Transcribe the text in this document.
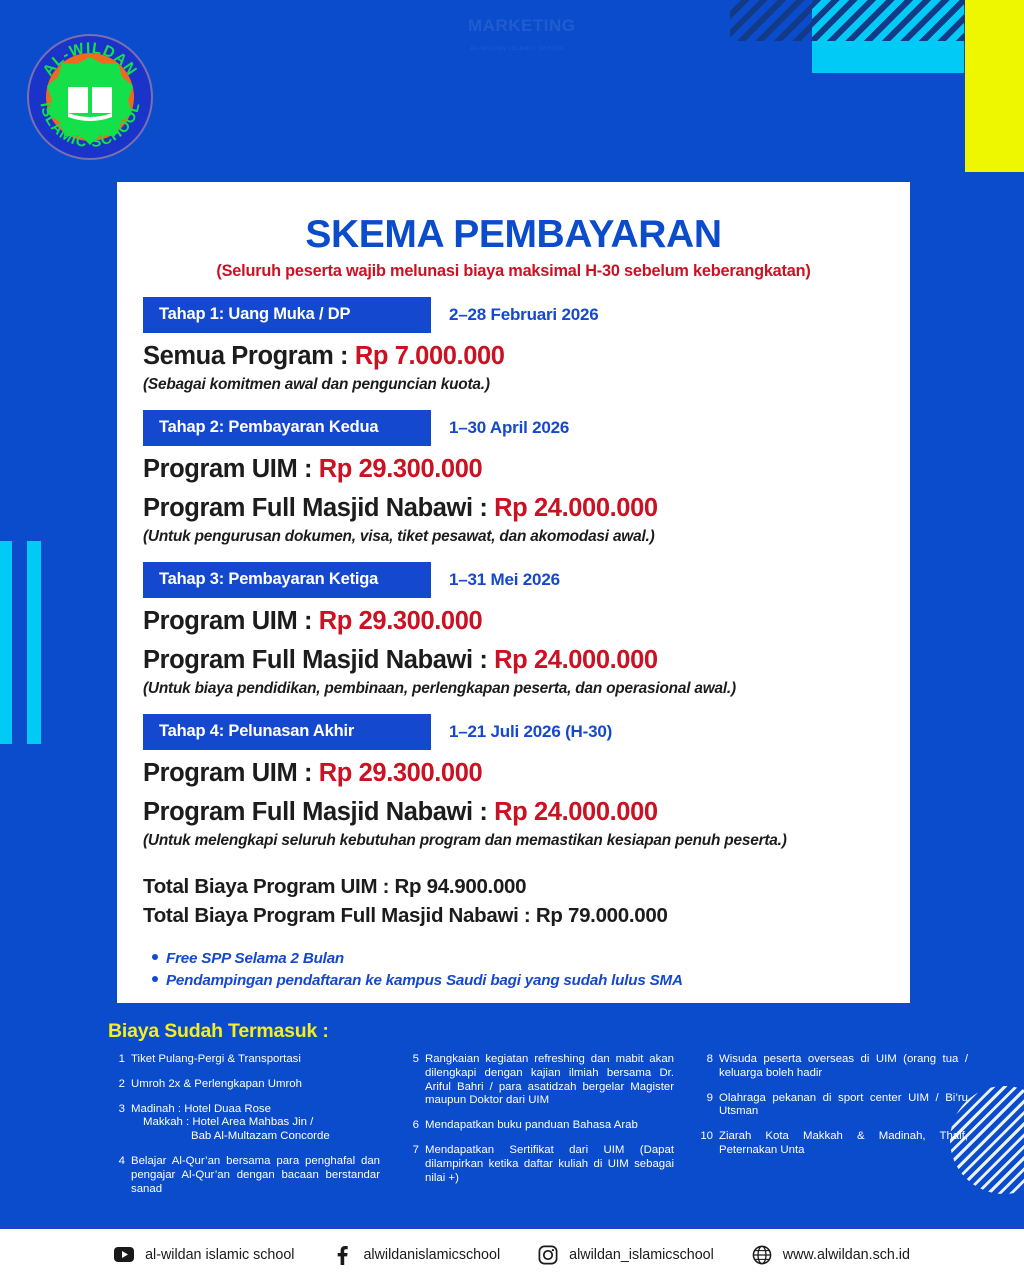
MARKETING
AL-WILDAN ISLAMIC SCHOOL
AL-WILDAN
ISLAMIC SCHOOL
SKEMA PEMBAYARAN
(Seluruh peserta wajib melunasi biaya maksimal H-30 sebelum keberangkatan)
Tahap 1: Uang Muka / DP	2–28 Februari 2026
Semua Program : Rp 7.000.000
(Sebagai komitmen awal dan penguncian kuota.)
Tahap 2: Pembayaran Kedua	1–30 April 2026
Program UIM : Rp 29.300.000
Program Full Masjid Nabawi : Rp 24.000.000
(Untuk pengurusan dokumen, visa, tiket pesawat, dan akomodasi awal.)
Tahap 3: Pembayaran Ketiga	1–31 Mei 2026
Program UIM : Rp 29.300.000
Program Full Masjid Nabawi : Rp 24.000.000
(Untuk biaya pendidikan, pembinaan, perlengkapan peserta, dan operasional awal.)
Tahap 4: Pelunasan Akhir	1–21 Juli 2026 (H-30)
Program UIM : Rp 29.300.000
Program Full Masjid Nabawi : Rp 24.000.000
(Untuk melengkapi seluruh kebutuhan program dan memastikan kesiapan penuh peserta.)
Total Biaya Program UIM : Rp 94.900.000
Total Biaya Program Full Masjid Nabawi : Rp 79.000.000
Free SPP Selama 2 Bulan
Pendampingan pendaftaran ke kampus Saudi bagi yang sudah lulus SMA
Biaya Sudah Termasuk :
1 Tiket Pulang-Pergi & Transportasi
2 Umroh 2x & Perlengkapan Umroh
3 Madinah : Hotel Duaa Rose
Makkah : Hotel Area Mahbas Jin /
Bab Al-Multazam Concorde
4 Belajar Al-Qur’an bersama para penghafal dan pengajar Al-Qur’an dengan bacaan berstandar sanad
5 Rangkaian kegiatan refreshing dan mabit akan dilengkapi dengan kajian ilmiah bersama Dr. Ariful Bahri / para asatidzah bergelar Magister maupun Doktor dari UIM
6 Mendapatkan buku panduan Bahasa Arab
7 Mendapatkan Sertifikat dari UIM (Dapat dilampirkan ketika daftar kuliah di UIM sebagai nilai +)
8 Wisuda peserta overseas di UIM (orang tua / keluarga boleh hadir
9 Olahraga pekanan di sport center UIM / Bi’ru Utsman
10 Ziarah Kota Makkah & Madinah, Thaif, Peternakan Unta
al-wildan islamic school	alwildanislamicschool	alwildan_islamicschool	www.alwildan.sch.id
